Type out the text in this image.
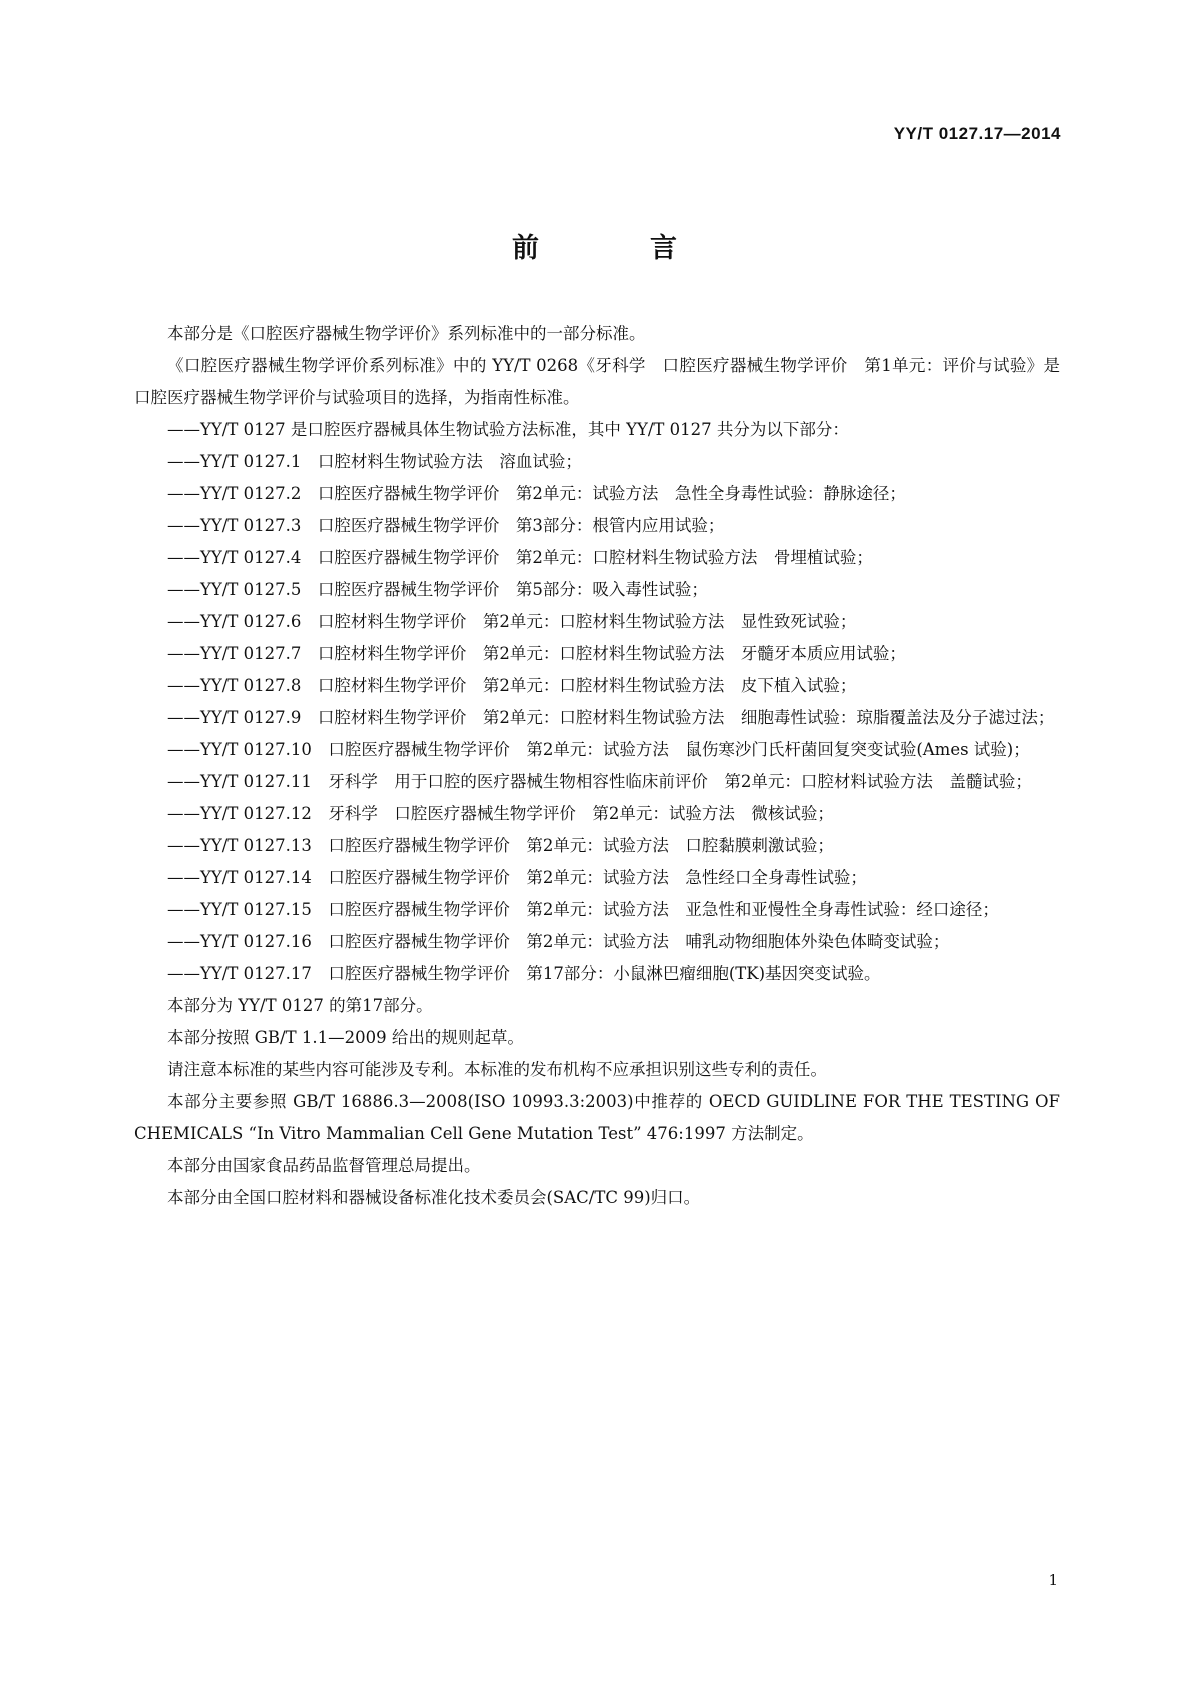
YY/T 0127.17—2014
前　言

本部分是《口腔医疗器械生物学评价》系列标准中的一部分标准。

《口腔医疗器械生物学评价系列标准》中的 YY/T 0268《牙科学　口腔医疗器械生物学评价　第1单元：评价与试验》是口腔医疗器械生物学评价与试验项目的选择，为指南性标准。

——YY/T 0127 是口腔医疗器械具体生物试验方法标准，其中 YY/T 0127 共分为以下部分：

——YY/T 0127.1　口腔材料生物试验方法　溶血试验；

——YY/T 0127.2　口腔医疗器械生物学评价　第2单元：试验方法　急性全身毒性试验：静脉途径；

——YY/T 0127.3　口腔医疗器械生物学评价　第3部分：根管内应用试验；

——YY/T 0127.4　口腔医疗器械生物学评价　第2单元：口腔材料生物试验方法　骨埋植试验；

——YY/T 0127.5　口腔医疗器械生物学评价　第5部分：吸入毒性试验；

——YY/T 0127.6　口腔材料生物学评价　第2单元：口腔材料生物试验方法　显性致死试验；

——YY/T 0127.7　口腔材料生物学评价　第2单元：口腔材料生物试验方法　牙髓牙本质应用试验；

——YY/T 0127.8　口腔材料生物学评价　第2单元：口腔材料生物试验方法　皮下植入试验；

——YY/T 0127.9　口腔材料生物学评价　第2单元：口腔材料生物试验方法　细胞毒性试验：琼脂覆盖法及分子滤过法；

——YY/T 0127.10　口腔医疗器械生物学评价　第2单元：试验方法　鼠伤寒沙门氏杆菌回复突变试验(Ames 试验)；

——YY/T 0127.11　牙科学　用于口腔的医疗器械生物相容性临床前评价　第2单元：口腔材料试验方法　盖髓试验；

——YY/T 0127.12　牙科学　口腔医疗器械生物学评价　第2单元：试验方法　微核试验；

——YY/T 0127.13　口腔医疗器械生物学评价　第2单元：试验方法　口腔黏膜刺激试验；

——YY/T 0127.14　口腔医疗器械生物学评价　第2单元：试验方法　急性经口全身毒性试验；

——YY/T 0127.15　口腔医疗器械生物学评价　第2单元：试验方法　亚急性和亚慢性全身毒性试验：经口途径；

——YY/T 0127.16　口腔医疗器械生物学评价　第2单元：试验方法　哺乳动物细胞体外染色体畸变试验；

——YY/T 0127.17　口腔医疗器械生物学评价　第17部分：小鼠淋巴瘤细胞(TK)基因突变试验。

本部分为 YY/T 0127 的第17部分。

本部分按照 GB/T 1.1—2009 给出的规则起草。

请注意本标准的某些内容可能涉及专利。本标准的发布机构不应承担识别这些专利的责任。

本部分主要参照 GB/T 16886.3—2008(ISO 10993.3:2003)中推荐的 OECD GUIDLINE FOR THE TESTING OF CHEMICALS “In Vitro Mammalian Cell Gene Mutation Test” 476:1997 方法制定。

本部分由国家食品药品监督管理总局提出。

本部分由全国口腔材料和器械设备标准化技术委员会(SAC/TC 99)归口。

1
